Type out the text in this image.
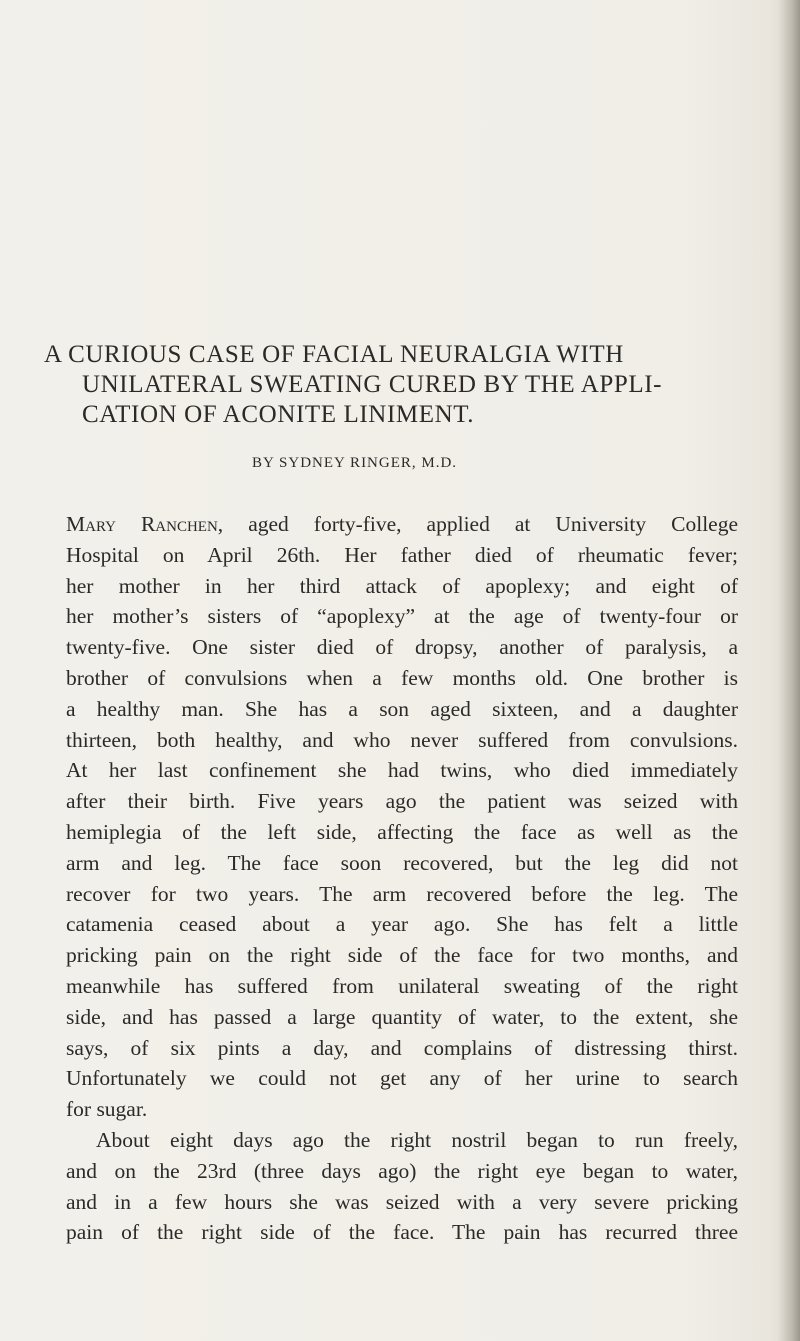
A CURIOUS CASE OF FACIAL NEURALGIA WITH
UNILATERAL SWEATING CURED BY THE APPLI-
CATION OF ACONITE LINIMENT.
BY SYDNEY RINGER, M.D.
Mary Ranchen, aged forty-five, applied at University College
Hospital on April 26th. Her father died of rheumatic fever;
her mother in her third attack of apoplexy; and eight of
her mother’s sisters of “apoplexy” at the age of twenty-four or
twenty-five. One sister died of dropsy, another of paralysis, a
brother of convulsions when a few months old. One brother is
a healthy man. She has a son aged sixteen, and a daughter
thirteen, both healthy, and who never suffered from convulsions.
At her last confinement she had twins, who died immediately
after their birth. Five years ago the patient was seized with
hemiplegia of the left side, affecting the face as well as the
arm and leg. The face soon recovered, but the leg did not
recover for two years. The arm recovered before the leg. The
catamenia ceased about a year ago. She has felt a little
pricking pain on the right side of the face for two months, and
meanwhile has suffered from unilateral sweating of the right
side, and has passed a large quantity of water, to the extent, she
says, of six pints a day, and complains of distressing thirst.
Unfortunately we could not get any of her urine to search
for sugar.
About eight days ago the right nostril began to run freely,
and on the 23rd (three days ago) the right eye began to water,
and in a few hours she was seized with a very severe pricking
pain of the right side of the face. The pain has recurred three
